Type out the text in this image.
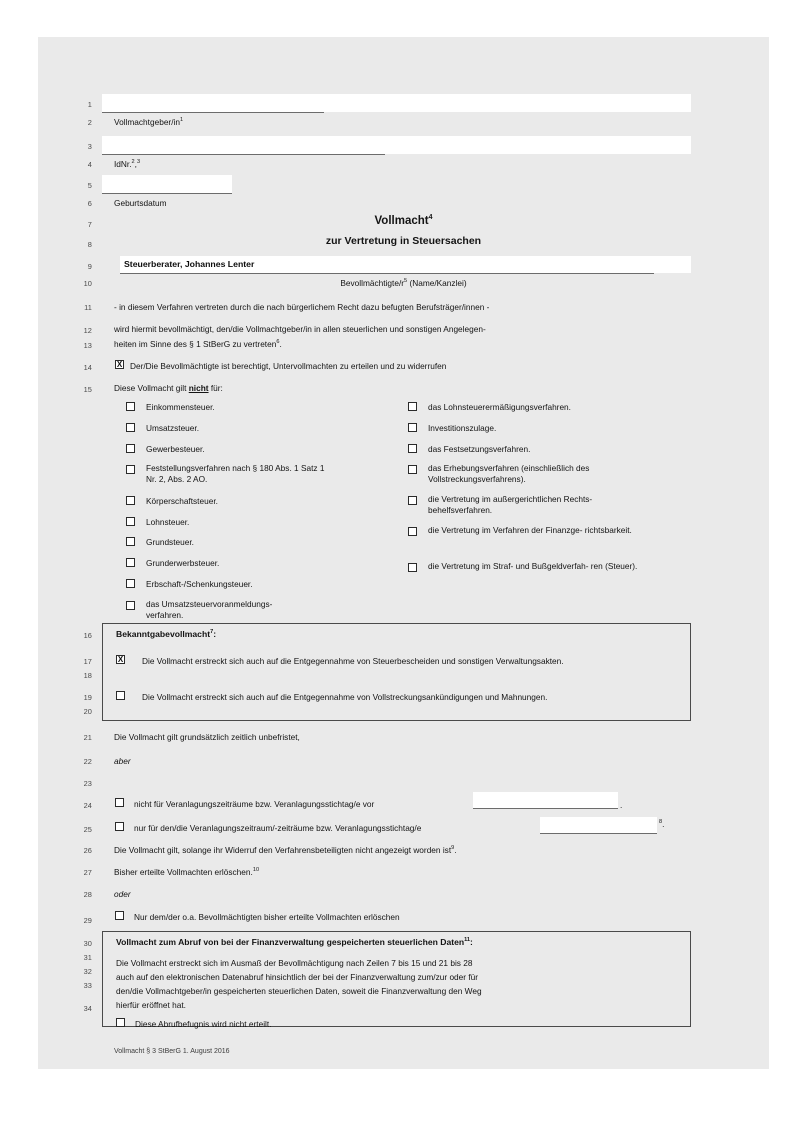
1
2
3
4
5
6
7
8
9
10
11
12
13
14
15
16
17
18
19
20
21
22
23
24
25
26
27
28
29
30
31
32
33
34
Vollmachtgeber/$in^1$
IdNr.$^2$,$^3$
Geburtsdatum
Vollmacht$^4$
zur Vertretung in Steuersachen
Steuerberater, Johannes Lenter
Bevollmächtigte/$r^5$ (Name/Kanzlei)
- in diesem Verfahren vertreten durch die nach bürgerlichem Recht dazu befugten Berufsträger/innen -
wird hiermit bevollmächtigt, den/die Vollmachtgeber/in in allen steuerlichen und sonstigen Angelegen-
heiten im Sinne des § 1 StBerG zu vertreten$^6$.
X
Der/Die Bevollmächtigte ist berechtigt, Untervollmachten zu erteilen und zu widerrufen
Diese Vollmacht gilt nicht für:
Einkommensteuer.
Umsatzsteuer.
Gewerbesteuer.
Feststellungsverfahren nach § 180 Abs. 1 Satz 1 Nr. 2, Abs. 2 AO.
Körperschaftsteuer.
Lohnsteuer.
Grundsteuer.
Grunderwerbsteuer.
Erbschaft-/Schenkungsteuer.
das Umsatzsteuervoranmeldungs- verfahren.
das Lohnsteuerermäßigungsverfahren.
Investitionszulage.
das Festsetzungsverfahren.
das Erhebungsverfahren (einschließlich des Vollstreckungsverfahrens).
die Vertretung im außergerichtlichen Rechts- behelfsverfahren.
die Vertretung im Verfahren der Finanzge- richtsbarkeit.
die Vertretung im Straf- und Bußgeldverfah- ren (Steuer).
Bekanntgabevollmacht$^7$:
X
Die Vollmacht erstreckt sich auch auf die Entgegennahme von Steuerbescheiden und sonstigen Verwaltungsakten.
Die Vollmacht erstreckt sich auch auf die Entgegennahme von Vollstreckungsankündigungen und Mahnungen.
Die Vollmacht gilt grundsätzlich zeitlich unbefristet,
aber
nicht für Veranlagungszeiträume bzw. Veranlagungsstichtag/e vor	.
nur für den/die Veranlagungszeitraum/-zeiträume bzw. Veranlagungsstichtag/e
$^8$.
Die Vollmacht gilt, solange ihr Widerruf den Verfahrensbeteiligten nicht angezeigt worden ist$^9$.
Bisher erteilte Vollmachten erlöschen.$^{10}$
oder
Nur dem/der o.a. Bevollmächtigten bisher erteilte Vollmachten erlöschen
Vollmacht zum Abruf von bei der Finanzverwaltung gespeicherten steuerlichen Daten$^{11}$:
Die Vollmacht erstreckt sich im Ausmaß der Bevollmächtigung nach Zeilen 7 bis 15 und 21 bis 28
auch auf den elektronischen Datenabruf hinsichtlich der bei der Finanzverwaltung zum/zur oder für
den/die Vollmachtgeber/in gespeicherten steuerlichen Daten, soweit die Finanzverwaltung den Weg
hierfür eröffnet hat.
Diese Abrufbefugnis wird nicht erteilt.
Vollmacht § 3 StBerG 1. August 2016
